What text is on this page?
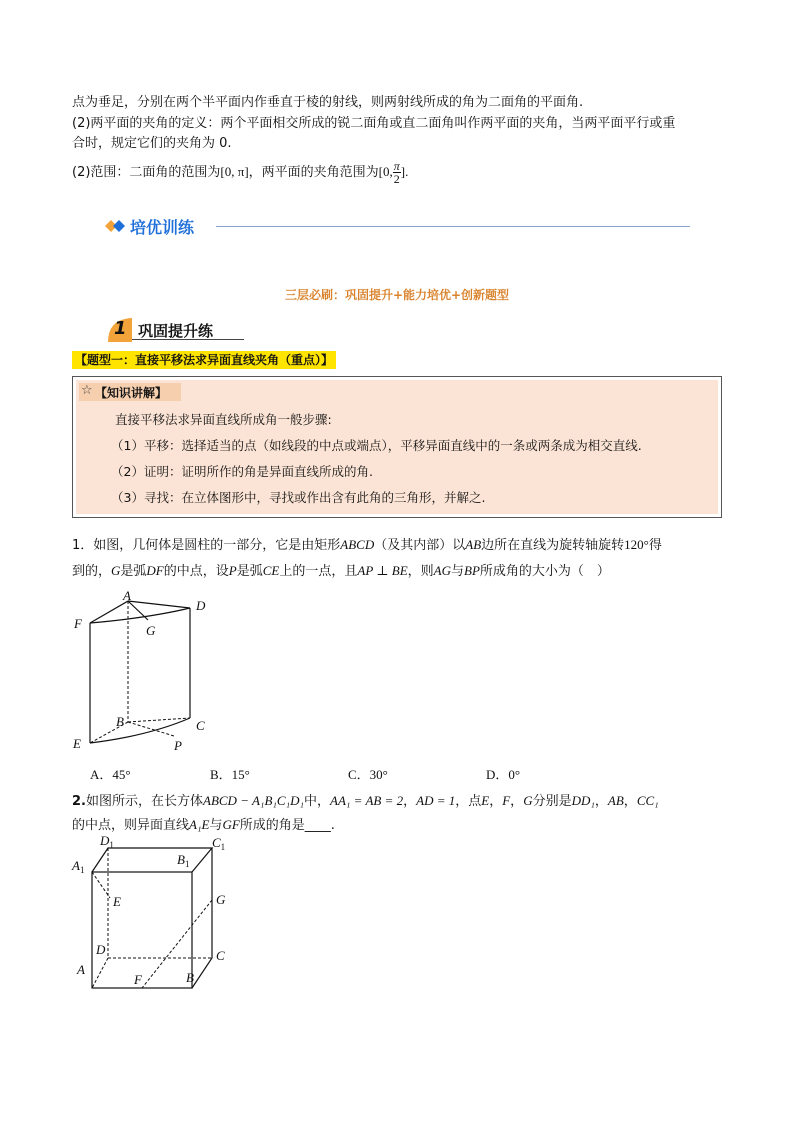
点为垂足，分别在两个半平面内作垂直于棱的射线，则两射线所成的角为二面角的平面角.
(2)两平面的夹角的定义：两个平面相交所成的锐二面角或直二面角叫作两平面的夹角，当两平面平行或重
合时，规定它们的夹角为 0.
(2)范围：二面角的范围为[0, π]，两平面的夹角范围为[0, $\frac{\pi}{2}$ ].
培优训练
三层必刷：巩固提升+能力培优+创新题型
1 巩固提升练
【题型一：直接平移法求异面直线夹角（重点）】
☆ 【知识讲解】
直接平移法求异面直线所成角一般步骤:
（1）平移：选择适当的点（如线段的中点或端点），平移异面直线中的一条或两条成为相交直线.
（2）证明：证明所作的角是异面直线所成的角.
（3）寻找：在立体图形中，寻找或作出含有此角的三角形，并解之.
1．如图，几何体是圆柱的一部分，它是由矩形ABCD（及其内部）以AB边所在直线为旋转轴旋转120°得
到的，G是弧DF的中点，设P是弧CE上的一点，且AP ⊥ BE，则AG与BP所成角的大小为（　）
A
D
F	G
B	C
E	P
A．45°	B．15°	C．30°	D．0°
2.如图所示，在长方体ABCD − A₁B₁C₁D₁中，AA₁ = AB = 2，AD = 1，点E，F，G分别是DD₁，AB，CC₁
的中点，则异面直线A₁E与GF所成的角是____.
$D_1$	$C_1$
$A_1$
$B_1$
E	G
D	C
A
F	B
